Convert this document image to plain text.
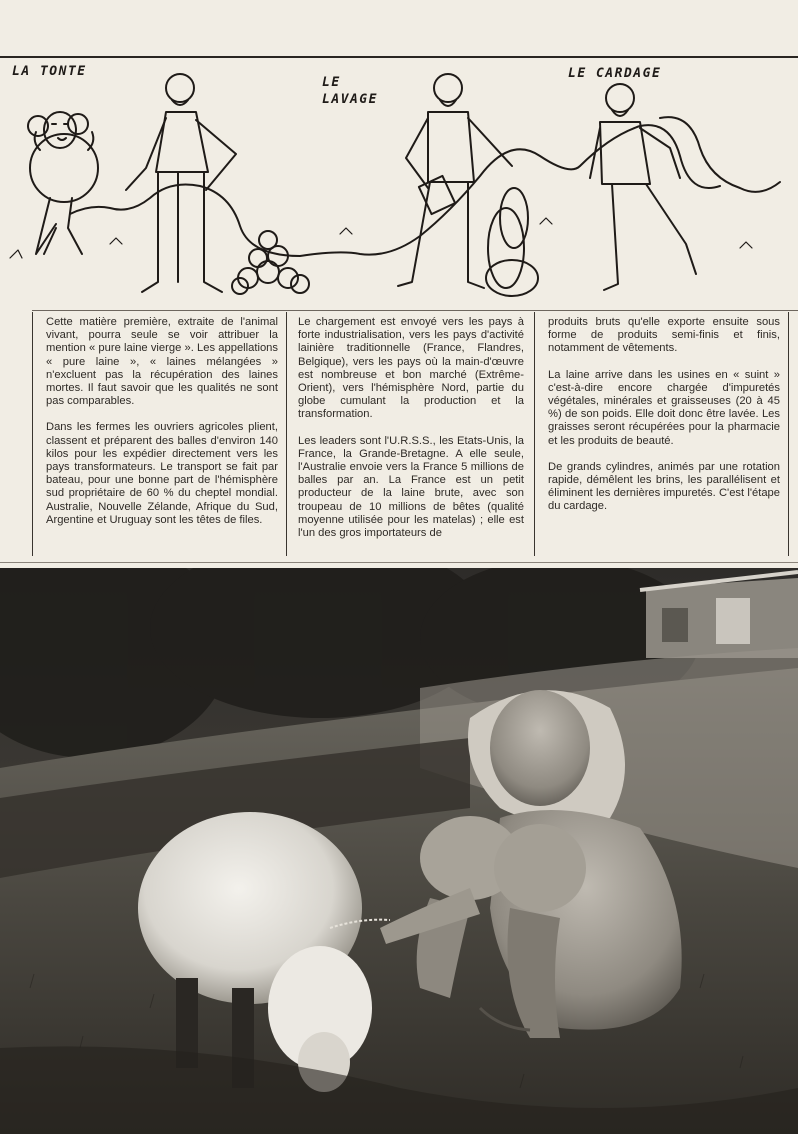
LA TONTE
LE
LAVAGE
LE CARDAGE

Cette matière première, extraite de l'animal vivant, pourra seule se voir attribuer la mention « pure laine vierge ». Les appellations « pure laine », « laines mélangées » n'excluent pas la récupération des laines mortes. Il faut savoir que les qualités ne sont pas comparables.

Dans les fermes les ouvriers agricoles plient, classent et préparent des balles d'environ 140 kilos pour les expédier directement vers les pays transformateurs. Le transport se fait par bateau, pour une bonne part de l'hémisphère sud propriétaire de 60 % du cheptel mondial. Australie, Nouvelle Zélande, Afrique du Sud, Argentine et Uruguay sont les têtes de files.

Le chargement est envoyé vers les pays à forte industrialisation, vers les pays d'activité lainière traditionnelle (France, Flandres, Belgique), vers les pays où la main-d'œuvre est nombreuse et bon marché (Extrême-Orient), vers l'hémisphère Nord, partie du globe cumulant la production et la transformation.

Les leaders sont l'U.R.S.S., les Etats-Unis, la France, la Grande-Bretagne. A elle seule, l'Australie envoie vers la France 5 millions de balles par an. La France est un petit producteur de la laine brute, avec son troupeau de 10 millions de bêtes (qualité moyenne utilisée pour les matelas) ; elle est l'un des gros importateurs de

produits bruts qu'elle exporte ensuite sous forme de produits semi-finis et finis, notamment de vêtements.

La laine arrive dans les usines en « suint » c'est-à-dire encore chargée d'impuretés végétales, minérales et graisseuses (20 à 45 %) de son poids. Elle doit donc être lavée. Les graisses seront récupérées pour la pharmacie et les produits de beauté.

De grands cylindres, animés par une rotation rapide, démêlent les brins, les parallélisent et éliminent les dernières impuretés. C'est l'étape du cardage.
